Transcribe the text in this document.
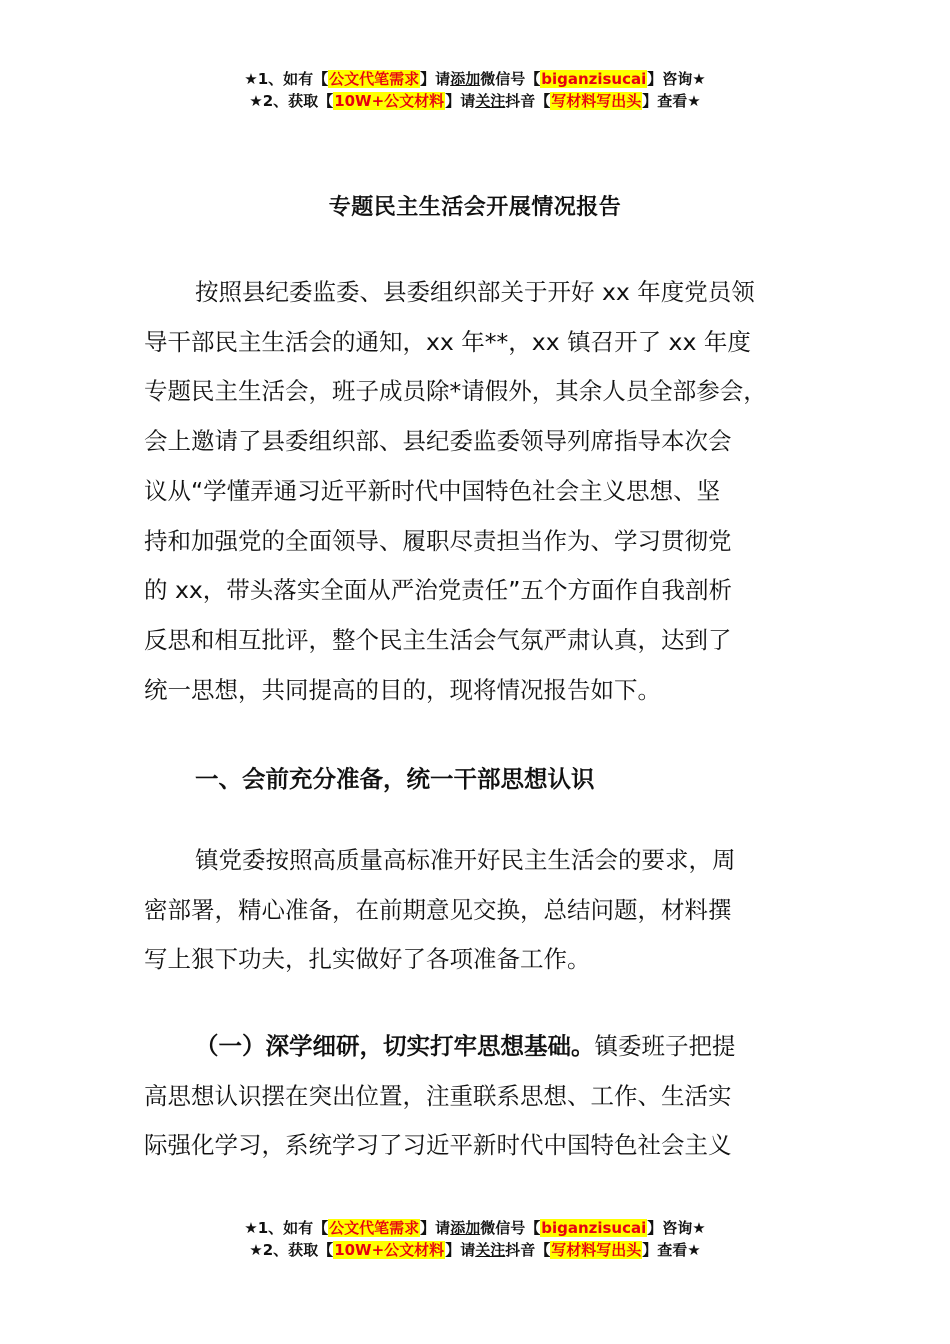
★1、如有【公文代笔需求】请添加微信号【biganzisucai】咨询★
★2、获取【10W+公文材料】请关注抖音【写材料写出头】查看★
专题民主生活会开展情况报告
按照县纪委监委、县委组织部关于开好 xx 年度党员领
导干部民主生活会的通知，xx 年**，xx 镇召开了 xx 年度
专题民主生活会，班子成员除*请假外，其余人员全部参会，
会上邀请了县委组织部、县纪委监委领导列席指导本次会
议从“学懂弄通习近平新时代中国特色社会主义思想、坚
持和加强党的全面领导、履职尽责担当作为、学习贯彻党
的 xx，带头落实全面从严治党责任”五个方面作自我剖析
反思和相互批评，整个民主生活会气氛严肃认真，达到了
统一思想，共同提高的目的，现将情况报告如下。
一、会前充分准备，统一干部思想认识
镇党委按照高质量高标准开好民主生活会的要求，周
密部署，精心准备，在前期意见交换，总结问题，材料撰
写上狠下功夫，扎实做好了各项准备工作。
（一）深学细研，切实打牢思想基础。镇委班子把提
高思想认识摆在突出位置，注重联系思想、工作、生活实
际强化学习，系统学习了习近平新时代中国特色社会主义
★1、如有【公文代笔需求】请添加微信号【biganzisucai】咨询★
★2、获取【10W+公文材料】请关注抖音【写材料写出头】查看★
